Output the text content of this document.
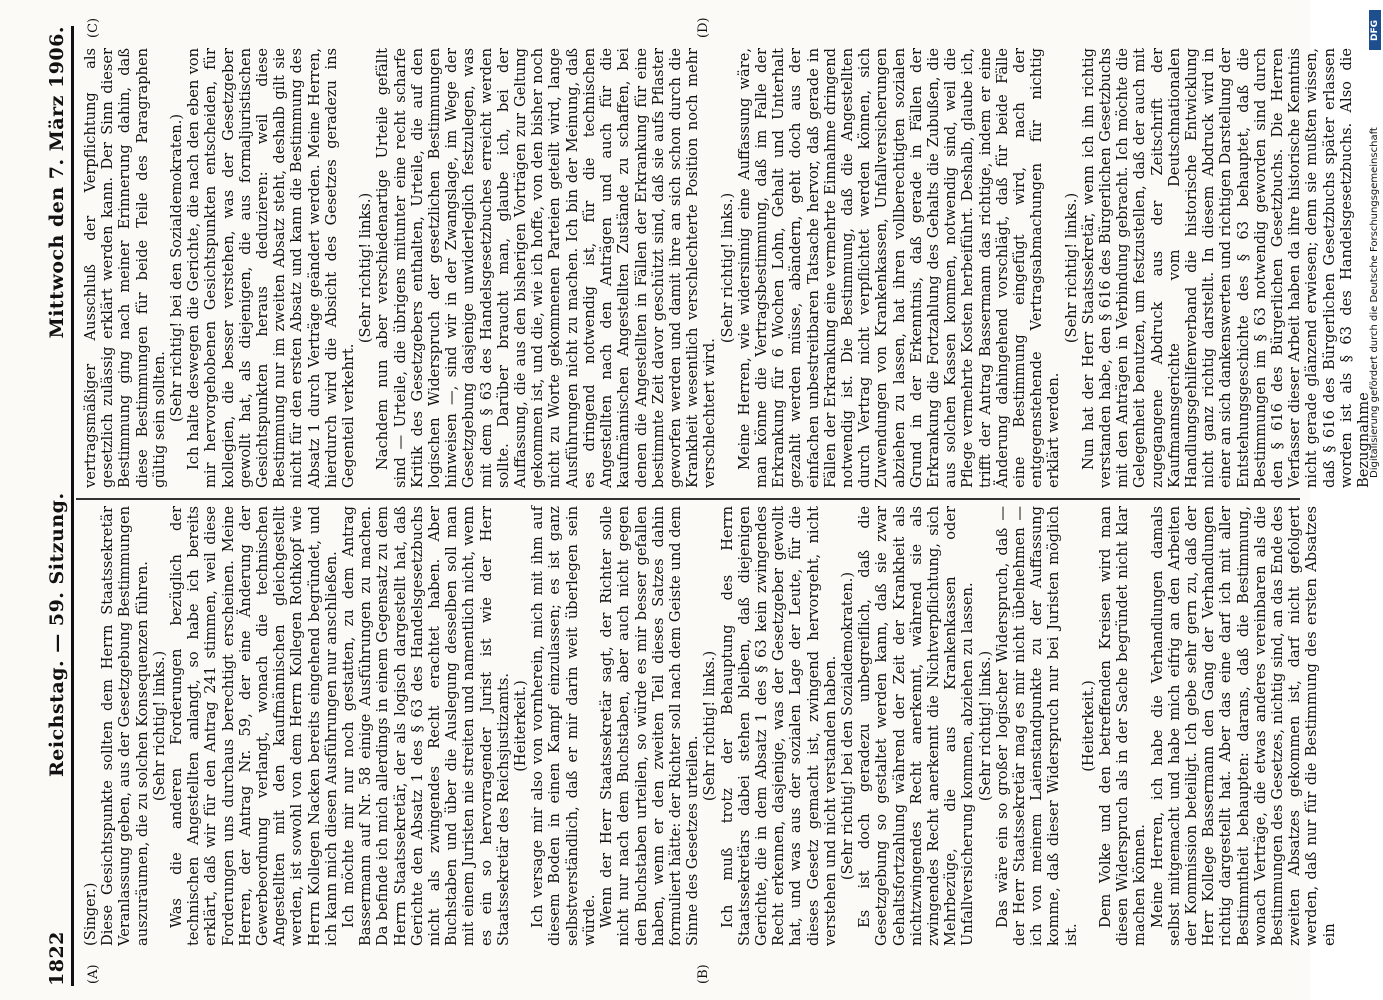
1822
Reichstag. — 59. Sitzung.
Mittwoch den 7. März 1906.
(A)	(B)
(C)	(D)

(Singer.) Diese Gesichtspunkte sollten dem Herrn Staatssekretär Veranlassung geben, aus der Gesetzgebung Bestimmungen auszuräumen, die zu solchen Konsequenzen führen. (Sehr richtig! links.) Was die anderen Forderungen bezüglich der technischen Angestellten anlangt, so habe ich bereits erklärt, daß wir für den Antrag 241 stimmen, weil diese Forderungen uns durchaus berechtigt erscheinen. Meine Herren, der Antrag Nr. 59, der eine Änderung der Gewerbeordnung verlangt, wonach die technischen Angestellten mit den kaufmännischen gleichgestellt werden, ist sowohl von dem Herrn Kollegen Rothkopf wie Herrn Kollegen Nacken bereits eingehend begründet, und ich kann mich diesen Ausführungen nur anschließen. Ich möchte mir nur noch gestatten, zu dem Antrag Bassermann auf Nr. 58 einige Ausführungen zu machen. Da befinde ich mich allerdings in einem Gegensatz zu dem Herrn Staatssekretär, der als logisch dargestellt hat, daß Gerichte den Absatz 1 des § 63 des Handelsgesetzbuchs nicht als zwingendes Recht erachtet haben. Aber Buchstaben und über die Auslegung desselben soll man mit einem Juristen nie streiten und namentlich nicht, wenn es ein so hervorragender Jurist ist wie der Herr Staatssekretär des Reichsjustizamts. (Heiterkeit.) Ich versage mir also von vornherein, mich mit ihm auf diesem Boden in einen Kampf einzulassen; es ist ganz selbstverständlich, daß er mir darin weit überlegen sein würde. Wenn der Herr Staatssekretär sagt, der Richter solle nicht nur nach dem Buchstaben, aber auch nicht gegen den Buchstaben urteilen, so würde es mir besser gefallen haben, wenn er den zweiten Teil dieses Satzes dahin formuliert hätte: der Richter soll nach dem Geiste und dem Sinne des Gesetzes urteilen.

(Sehr richtig! links.) Ich muß trotz der Behauptung des Herrn Staatssekretärs dabei stehen bleiben, daß diejenigen Gerichte, die in dem Absatz 1 des § 63 kein zwingendes Recht erkennen, dasjenige, was der Gesetzgeber gewollt hat, und was aus der sozialen Lage der Leute, für die dieses Gesetz gemacht ist, zwingend hervorgeht, nicht verstehen und nicht verstanden haben. (Sehr richtig! bei den Sozialdemokraten.) Es ist doch geradezu unbegreiflich, daß die Gesetzgebung so gestaltet werden kann, daß sie zwar Gehaltsfortzahlung während der Zeit der Krankheit als nichtzwingendes Recht anerkennt, während sie als zwingendes Recht anerkennt die Nichtverpflichtung, sich Mehrbezüge, die aus Krankenkassen oder Unfallversicherung kommen, abziehen zu lassen. (Sehr richtig! links.) Das wäre ein so großer logischer Widerspruch, daß — der Herr Staatssekretär mag es mir nicht übelnehmen — ich von meinem Laienstandpunkte zu der Auffassung komme, daß dieser Widerspruch nur bei Juristen möglich ist.

(Heiterkeit.) Dem Volke und den betreffenden Kreisen wird man diesen Widerspruch als in der Sache begründet nicht klar machen können. Meine Herren, ich habe die Verhandlungen damals selbst mitgemacht und habe mich eifrig an den Arbeiten der Kommission beteiligt. Ich gebe sehr gern zu, daß der Herr Kollege Bassermann den Gang der Verhandlungen richtig dargestellt hat. Aber das eine darf ich mit aller Bestimmtheit behaupten: darans, daß die Bestimmung, wonach Verträge, die etwas anderes vereinbaren als die Bestimmungen des Gesetzes, nichtig sind, an das Ende des zweiten Absatzes gekommen ist, darf nicht gefolgert werden, daß nur für die Bestimmung des ersten Absatzes ein

vertragsmäßiger Ausschluß der Verpflichtung als gesetzlich zulässig erklärt werden kann. Der Sinn dieser Bestimmung ging nach meiner Erinnerung dahin, daß diese Bestimmungen für beide Teile des Paragraphen gültig sein sollten. (Sehr richtig! bei den Sozialdemokraten.) Ich halte deswegen die Gerichte, die nach den eben von mir hervorgehobenen Gesichtspunkten entscheiden, für kollegien, die besser verstehen, was der Gesetzgeber gewollt hat, als diejenigen, die aus formaljuristischen Gesichtspunkten heraus deduzieren: weil diese Bestimmung nur im zweiten Absatz steht, deshalb gilt sie nicht für den ersten Absatz und kann die Bestimmung des Absatz 1 durch Verträge geändert werden. Meine Herren, hierdurch wird die Absicht des Gesetzes geradezu ins Gegenteil verkehrt.

(Sehr richtig! links.) Nachdem nun aber verschiedenartige Urteile gefällt sind — Urteile, die übrigens mitunter eine recht scharfe Kritik des Gesetzgebers enthalten, Urteile, die auf den logischen Widerspruch der gesetzlichen Bestimmungen hinweisen —, sind wir in der Zwangslage, im Wege der Gesetzgebung dasjenige unwiderleglich festzulegen, was mit dem § 63 des Handelsgesetzbuches erreicht werden sollte. Darüber braucht man, glaube ich, bei der Auffassung, die aus den bisherigen Vorträgen zur Geltung gekommen ist, und die, wie ich hoffe, von den bisher noch nicht zu Worte gekommenen Parteien geteilt wird, lange Ausführungen nicht zu machen. Ich bin der Meinung, daß es dringend notwendig ist, für die technischen Angestellten nach den Anträgen und auch für die kaufmännischen Angestellten Zustände zu schaffen, bei denen die Angestellten in Fällen der Erkrankung für eine bestimmte Zeit davor geschützt sind, daß sie aufs Pflaster geworfen werden und damit ihre an sich schon durch die Krankheit wesentlich verschlechterte Position noch mehr verschlechtert wird.

(Sehr richtig! links.) Meine Herren, wie widersinnig eine Auffassung wäre, man könne die Vertragsbestimmung, daß im Falle der Erkrankung für 6 Wochen Lohn, Gehalt und Unterhalt gezahlt werden müsse, abändern, geht doch aus der einfachen unbestreitbaren Tatsache hervor, daß gerade in Fällen der Erkrankung eine vermehrte Einnahme dringend notwendig ist. Die Bestimmung, daß die Angestellten durch Vertrag nicht verpflichtet werden können, sich Zuwendungen von Krankenkassen, Unfallversicherungen abziehen zu lassen, hat ihren vollberechtigten sozialen Grund in der Erkenntnis, daß gerade in Fällen der Erkrankung die Fortzahlung des Gehalts die Zubußen, die aus solchen Kassen kommen, notwendig sind, weil die Pflege vermehrte Kosten herbeiführt. Deshalb, glaube ich, trifft der Antrag Bassermann das richtige, indem er eine Änderung dahingehend vorschlägt, daß für beide Fälle eine Bestimmung eingefügt wird, nach der entgegenstehende Vertragsabmachungen für nichtig erklärt werden.

(Sehr richtig! links.) Nun hat der Herr Staatssekretär, wenn ich ihn richtig verstanden habe, den § 616 des Bürgerlichen Gesetzbuchs mit den Anträgen in Verbindung gebracht. Ich möchte die Gelegenheit benutzen, um festzustellen, daß der auch mit zugegangene Abdruck aus der Zeitschrift der Kaufmannsgerichte vom Deutschnationalen Handlungsgehilfenverband die historische Entwicklung nicht ganz richtig darstellt. In diesem Abdruck wird in einer an sich dankenswerten und richtigen Darstellung der Entstehungsgeschichte des § 63 behauptet, daß die Bestimmungen im § 63 notwendig geworden sind durch den § 616 des Bürgerlichen Gesetzbuchs. Die Herren Verfasser dieser Arbeit haben da ihre historische Kenntnis nicht gerade glänzend erwiesen; denn sie mußten wissen, daß § 616 des Bürgerlichen Gesetzbuchs später erlassen worden ist als § 63 des Handelsgesetzbuchs. Also die Bezugnahme

DFG
Digitalisierung gefördert durch die Deutsche Forschungsgemeinschaft
